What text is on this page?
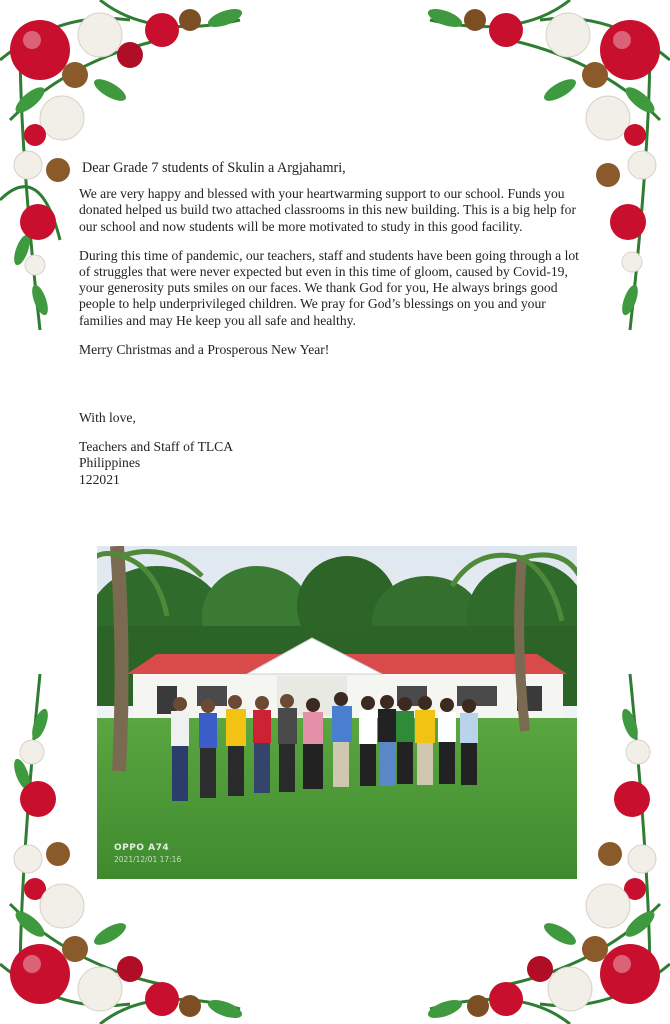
Dear Grade 7 students of Skulin a Argjahamri,

We are very happy and blessed with your heartwarming support to our school. Funds you donated helped us build two attached classrooms in this new building. This is a big help for our school and now students will be more motivated to study in this good facility.

During this time of pandemic, our teachers, staff and students have been going through a lot of struggles that were never expected but even in this time of gloom, caused by Covid-19, your generosity puts smiles on our faces. We thank God for you, He always brings good people to help underprivileged children. We pray for God’s blessings on you and your families and may He keep you all safe and healthy.

Merry Christmas and a Prosperous New Year!

With love,

Teachers and Staff of TLCA
Philippines
122021

OPPO A74
2021/12/01 17:16
